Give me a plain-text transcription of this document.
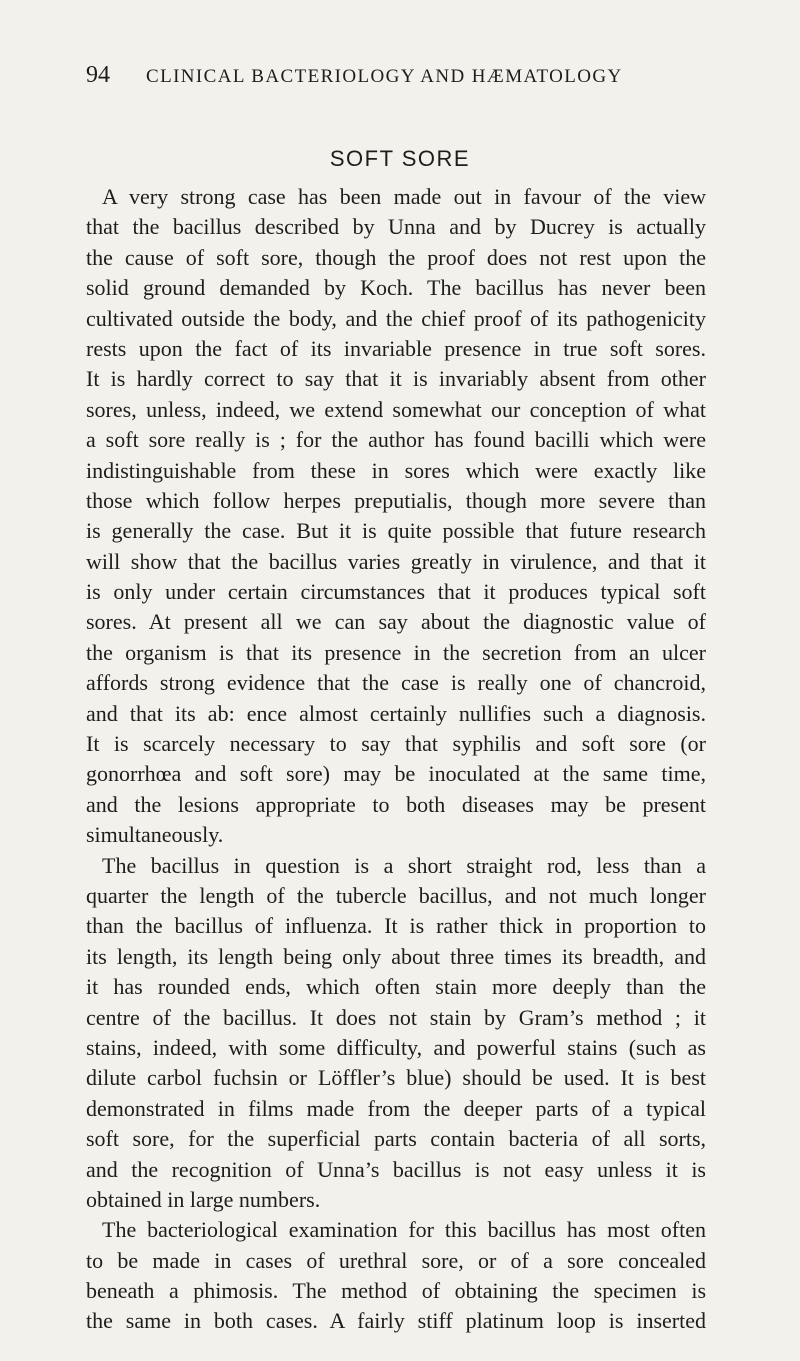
94 CLINICAL BACTERIOLOGY AND HÆMATOLOGY
SOFT SORE
A very strong case has been made out in favour of the view
that the bacillus described by Unna and by Ducrey is actually
the cause of soft sore, though the proof does not rest upon the
solid ground demanded by Koch. The bacillus has never been
cultivated outside the body, and the chief proof of its pathogenicity
rests upon the fact of its invariable presence in true soft sores.
It is hardly correct to say that it is invariably absent from other
sores, unless, indeed, we extend somewhat our conception of what
a soft sore really is ; for the author has found bacilli which were
indistinguishable from these in sores which were exactly like
those which follow herpes preputialis, though more severe than
is generally the case. But it is quite possible that future research
will show that the bacillus varies greatly in virulence, and that it
is only under certain circumstances that it produces typical soft
sores. At present all we can say about the diagnostic value of
the organism is that its presence in the secretion from an ulcer
affords strong evidence that the case is really one of chancroid,
and that its ab: ence almost certainly nullifies such a diagnosis.
It is scarcely necessary to say that syphilis and soft sore (or
gonorrhœa and soft sore) may be inoculated at the same time,
and the lesions appropriate to both diseases may be present
simultaneously.
The bacillus in question is a short straight rod, less than a
quarter the length of the tubercle bacillus, and not much longer
than the bacillus of influenza. It is rather thick in proportion to
its length, its length being only about three times its breadth, and
it has rounded ends, which often stain more deeply than the
centre of the bacillus. It does not stain by Gram’s method ; it
stains, indeed, with some difficulty, and powerful stains (such as
dilute carbol fuchsin or Löffler’s blue) should be used. It is best
demonstrated in films made from the deeper parts of a typical
soft sore, for the superficial parts contain bacteria of all sorts,
and the recognition of Unna’s bacillus is not easy unless it is
obtained in large numbers.
The bacteriological examination for this bacillus has most often
to be made in cases of urethral sore, or of a sore concealed
beneath a phimosis. The method of obtaining the specimen is
the same in both cases. A fairly stiff platinum loop is inserted
